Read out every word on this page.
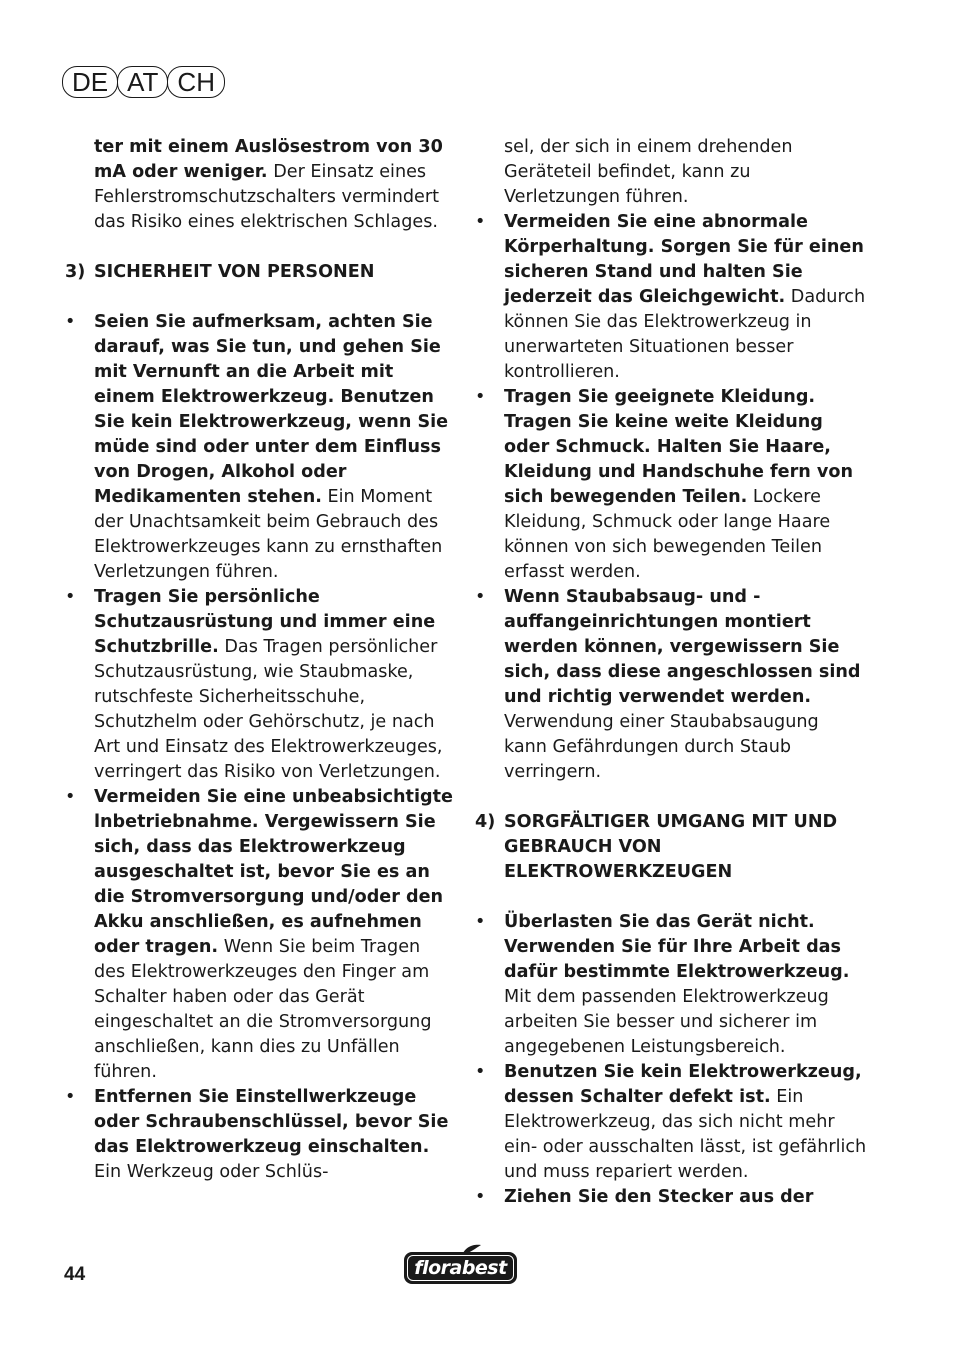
DE AT CH

ter mit einem Auslösestrom von 30 mA oder weniger. Der Einsatz eines Fehlerstromschutzschalters vermindert das Risiko eines elektrischen Schlages.

3) SICHERHEIT VON PERSONEN
• Seien Sie aufmerksam, achten Sie darauf, was Sie tun, und gehen Sie mit Vernunft an die Arbeit mit einem Elektrowerkzeug. Benutzen Sie kein Elektrowerkzeug, wenn Sie müde sind oder unter dem Einfluss von Drogen, Alkohol oder Medikamenten stehen. Ein Moment der Unachtsamkeit beim Gebrauch des Elektrowerkzeuges kann zu ernsthaften Verletzungen führen.
• Tragen Sie persönliche Schutzausrüstung und immer eine Schutzbrille. Das Tragen persönlicher Schutzausrüstung, wie Staubmaske, rutschfeste Sicherheitsschuhe, Schutzhelm oder Gehörschutz, je nach Art und Einsatz des Elektrowerkzeuges, verringert das Risiko von Verletzungen.
• Vermeiden Sie eine unbeabsichtigte lnbetriebnahme. Vergewissern Sie sich, dass das Elektrowerkzeug ausgeschaltet ist, bevor Sie es an die Stromversorgung und/oder den Akku anschließen, es aufnehmen oder tragen. Wenn Sie beim Tragen des Elektrowerkzeuges den Finger am Schalter haben oder das Gerät eingeschaltet an die Stromversorgung anschließen, kann dies zu Unfällen führen.
• Entfernen Sie Einstellwerkzeuge oder Schraubenschlüssel, bevor Sie das Elektrowerkzeug einschalten. Ein Werkzeug oder Schlüs-

sel, der sich in einem drehenden Geräteteil befindet, kann zu Verletzungen führen.

• Vermeiden Sie eine abnormale Körperhaltung. Sorgen Sie für einen sicheren Stand und halten Sie jederzeit das Gleichgewicht. Dadurch können Sie das Elektrowerkzeug in unerwarteten Situationen besser kontrollieren.
• Tragen Sie geeignete Kleidung. Tragen Sie keine weite Kleidung oder Schmuck. Halten Sie Haare, Kleidung und Handschuhe fern von sich bewegenden Teilen. Lockere Kleidung, Schmuck oder lange Haare können von sich bewegenden Teilen erfasst werden.
• Wenn Staubabsaug- und -auffangeinrichtungen montiert werden können, vergewissern Sie sich, dass diese angeschlossen sind und richtig verwendet werden. Verwendung einer Staubabsaugung kann Gefährdungen durch Staub verringern.
4) SORGFÄLTIGER UMGANG MIT UND GEBRAUCH VON ELEKTROWERKZEUGEN
• Überlasten Sie das Gerät nicht. Verwenden Sie für Ihre Arbeit das dafür bestimmte Elektrowerkzeug. Mit dem passenden Elektrowerkzeug arbeiten Sie besser und sicherer im angegebenen Leistungsbereich.
• Benutzen Sie kein Elektrowerkzeug, dessen Schalter defekt ist. Ein Elektrowerkzeug, das sich nicht mehr ein- oder ausschalten lässt, ist gefährlich und muss repariert werden.
• Ziehen Sie den Stecker aus der
44	florabest
